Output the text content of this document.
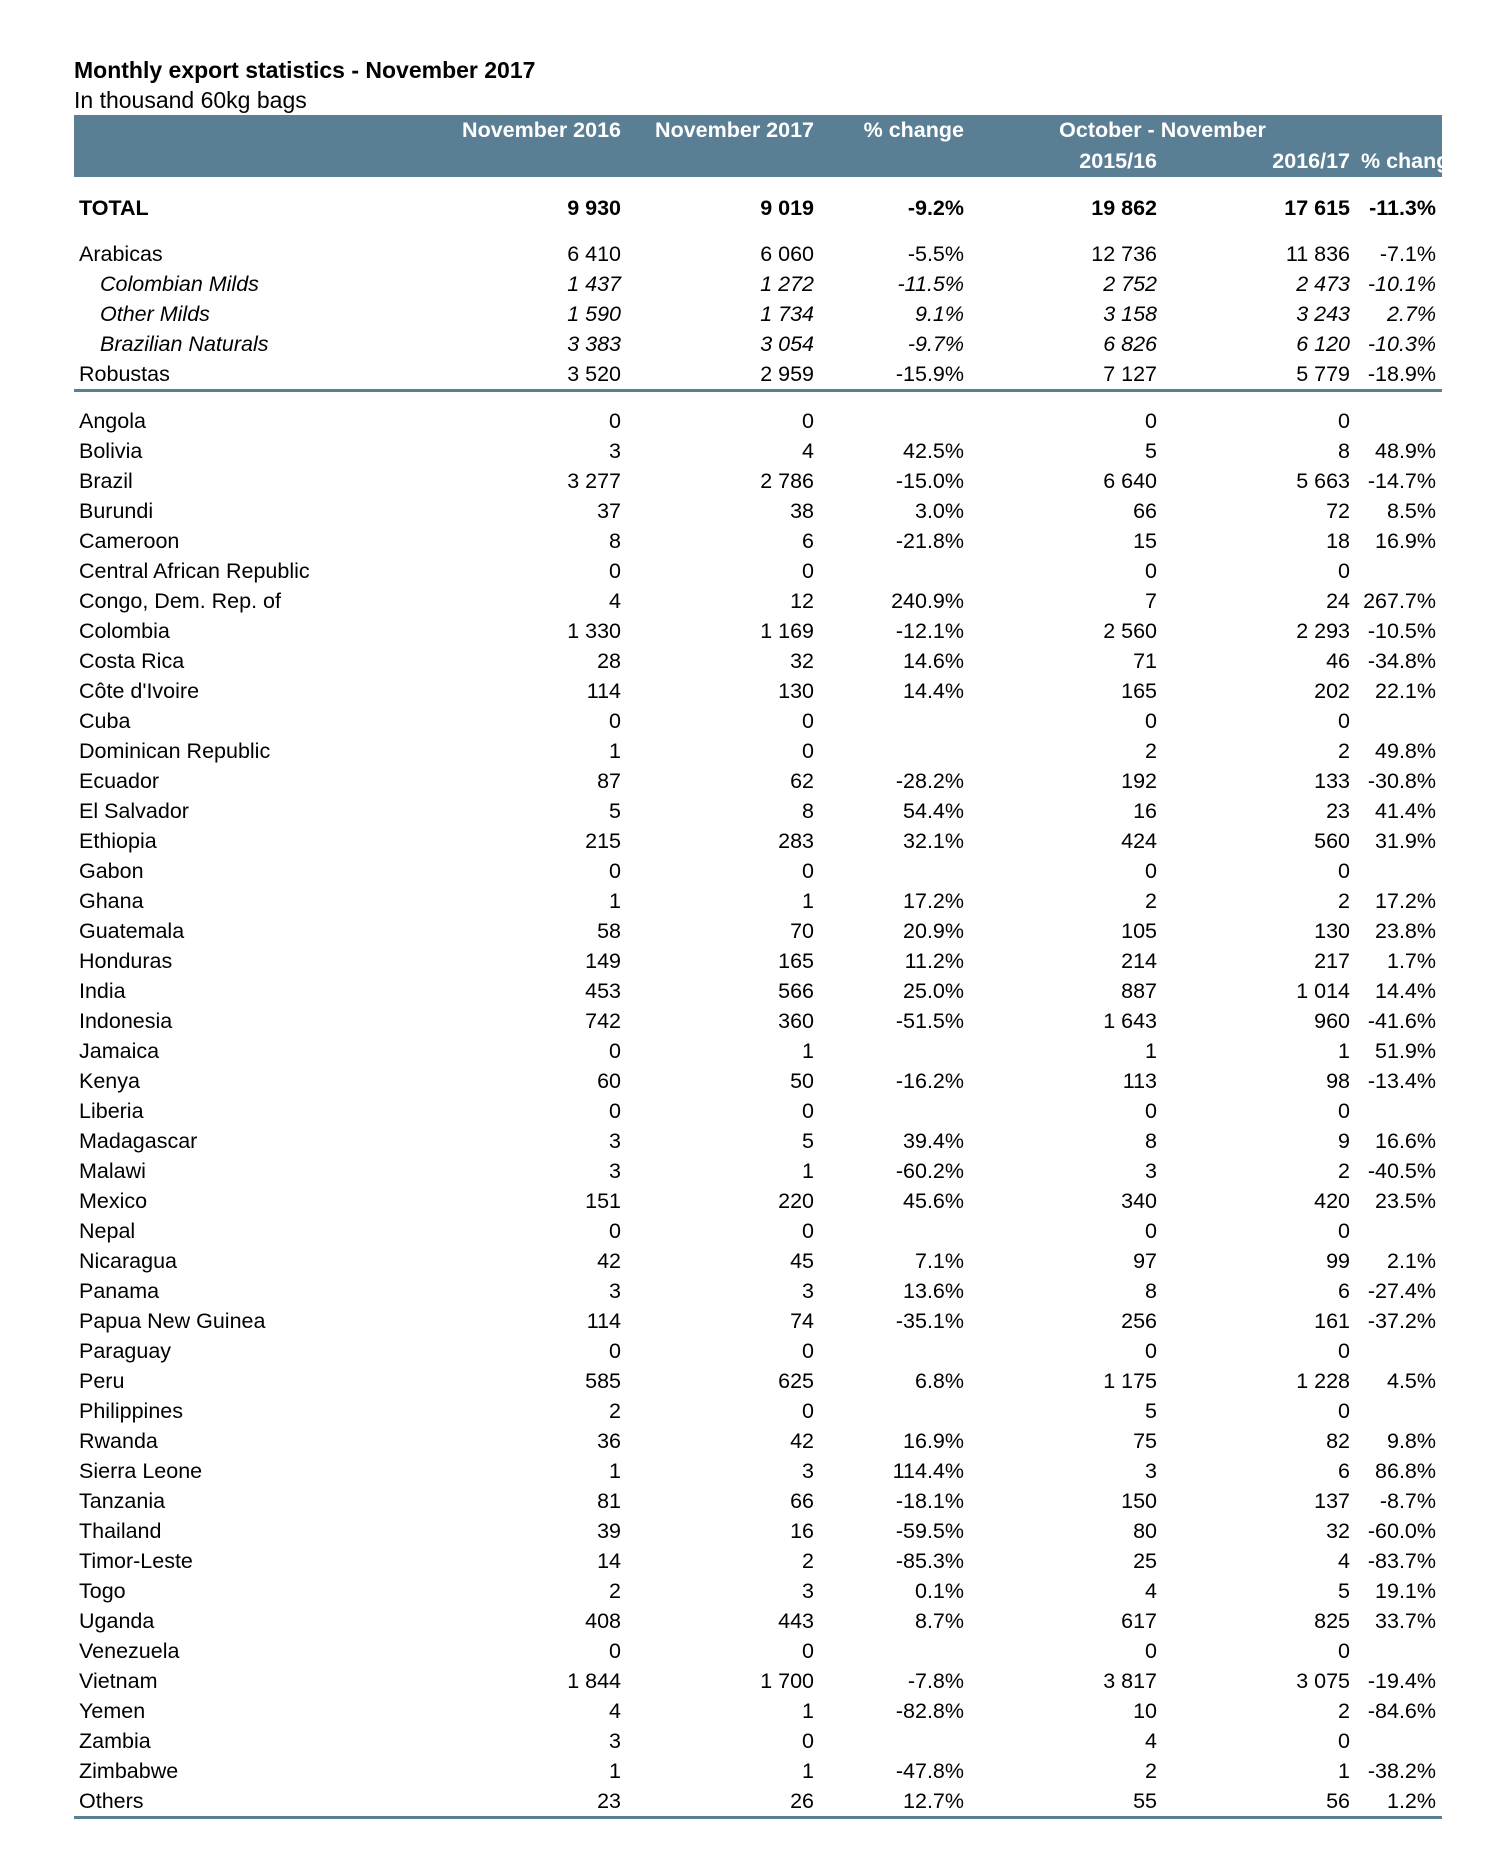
Monthly export statistics - November 2017
In thousand 60kg bags
	November 2016	November 2017	% change	October - November		
				2015/16	2016/17	% change

TOTAL	9 930	9 019	-9.2%	19 862	17 615	-11.3%

Arabicas	6 410	6 060	-5.5%	12 736	11 836	-7.1%
Colombian Milds	1 437	1 272	-11.5%	2 752	2 473	-10.1%
Other Milds	1 590	1 734	9.1%	3 158	3 243	2.7%
Brazilian Naturals	3 383	3 054	-9.7%	6 826	6 120	-10.3%
Robustas	3 520	2 959	-15.9%	7 127	5 779	-18.9%

Angola	0	0		0	0	
Bolivia	3	4	42.5%	5	8	48.9%
Brazil	3 277	2 786	-15.0%	6 640	5 663	-14.7%
Burundi	37	38	3.0%	66	72	8.5%
Cameroon	8	6	-21.8%	15	18	16.9%
Central African Republic	0	0		0	0	
Congo, Dem. Rep. of	4	12	240.9%	7	24	267.7%
Colombia	1 330	1 169	-12.1%	2 560	2 293	-10.5%
Costa Rica	28	32	14.6%	71	46	-34.8%
Côte d'Ivoire	114	130	14.4%	165	202	22.1%
Cuba	0	0		0	0	
Dominican Republic	1	0		2	2	49.8%
Ecuador	87	62	-28.2%	192	133	-30.8%
El Salvador	5	8	54.4%	16	23	41.4%
Ethiopia	215	283	32.1%	424	560	31.9%
Gabon	0	0		0	0	
Ghana	1	1	17.2%	2	2	17.2%
Guatemala	58	70	20.9%	105	130	23.8%
Honduras	149	165	11.2%	214	217	1.7%
India	453	566	25.0%	887	1 014	14.4%
Indonesia	742	360	-51.5%	1 643	960	-41.6%
Jamaica	0	1		1	1	51.9%
Kenya	60	50	-16.2%	113	98	-13.4%
Liberia	0	0		0	0	
Madagascar	3	5	39.4%	8	9	16.6%
Malawi	3	1	-60.2%	3	2	-40.5%
Mexico	151	220	45.6%	340	420	23.5%
Nepal	0	0		0	0	
Nicaragua	42	45	7.1%	97	99	2.1%
Panama	3	3	13.6%	8	6	-27.4%
Papua New Guinea	114	74	-35.1%	256	161	-37.2%
Paraguay	0	0		0	0	
Peru	585	625	6.8%	1 175	1 228	4.5%
Philippines	2	0		5	0	
Rwanda	36	42	16.9%	75	82	9.8%
Sierra Leone	1	3	114.4%	3	6	86.8%
Tanzania	81	66	-18.1%	150	137	-8.7%
Thailand	39	16	-59.5%	80	32	-60.0%
Timor-Leste	14	2	-85.3%	25	4	-83.7%
Togo	2	3	0.1%	4	5	19.1%
Uganda	408	443	8.7%	617	825	33.7%
Venezuela	0	0		0	0	
Vietnam	1 844	1 700	-7.8%	3 817	3 075	-19.4%
Yemen	4	1	-82.8%	10	2	-84.6%
Zambia	3	0		4	0	
Zimbabwe	1	1	-47.8%	2	1	-38.2%
Others	23	26	12.7%	55	56	1.2%
